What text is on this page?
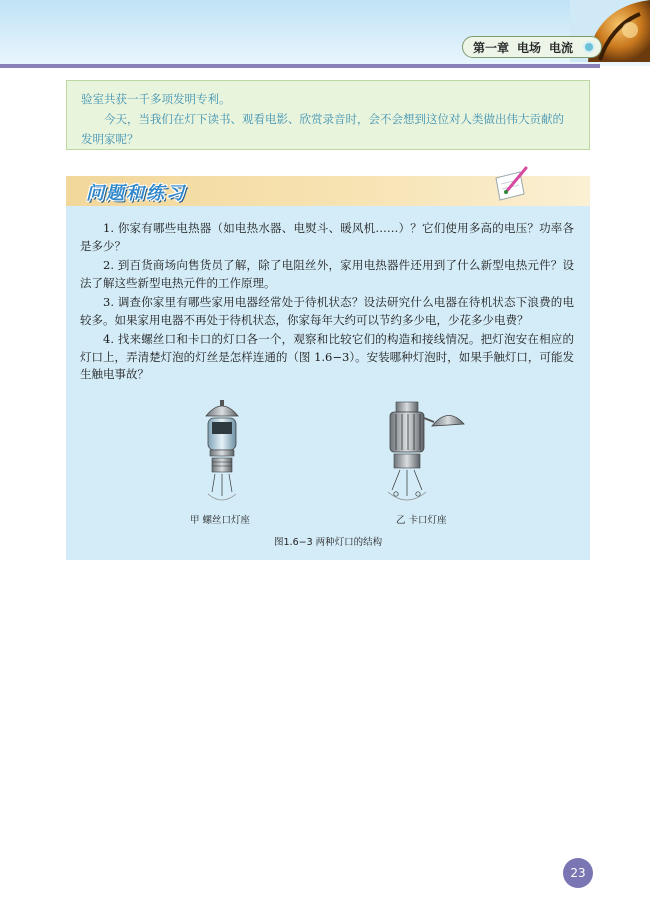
第一章 电场 电流

验室共获一千多项发明专利。

今天，当我们在灯下读书、观看电影、欣赏录音时，会不会想到这位对人类做出伟大贡献的发明家呢？

问题和练习

1. 你家有哪些电热器（如电热水器、电熨斗、暖风机……）？它们使用多高的电压？功率各是多少？

2. 到百货商场向售货员了解，除了电阻丝外，家用电热器件还用到了什么新型电热元件？设法了解这些新型电热元件的工作原理。

3. 调查你家里有哪些家用电器经常处于待机状态？设法研究什么电器在待机状态下浪费的电较多。如果家用电器不再处于待机状态，你家每年大约可以节约多少电，少花多少电费？

4. 找来螺丝口和卡口的灯口各一个，观察和比较它们的构造和接线情况。把灯泡安在相应的灯口上，弄清楚灯泡的灯丝是怎样连通的（图 1.6−3）。安装哪种灯泡时，如果手触灯口，可能发生触电事故？

甲 螺丝口灯座	乙 卡口灯座
图1.6−3 两种灯口的结构
23
